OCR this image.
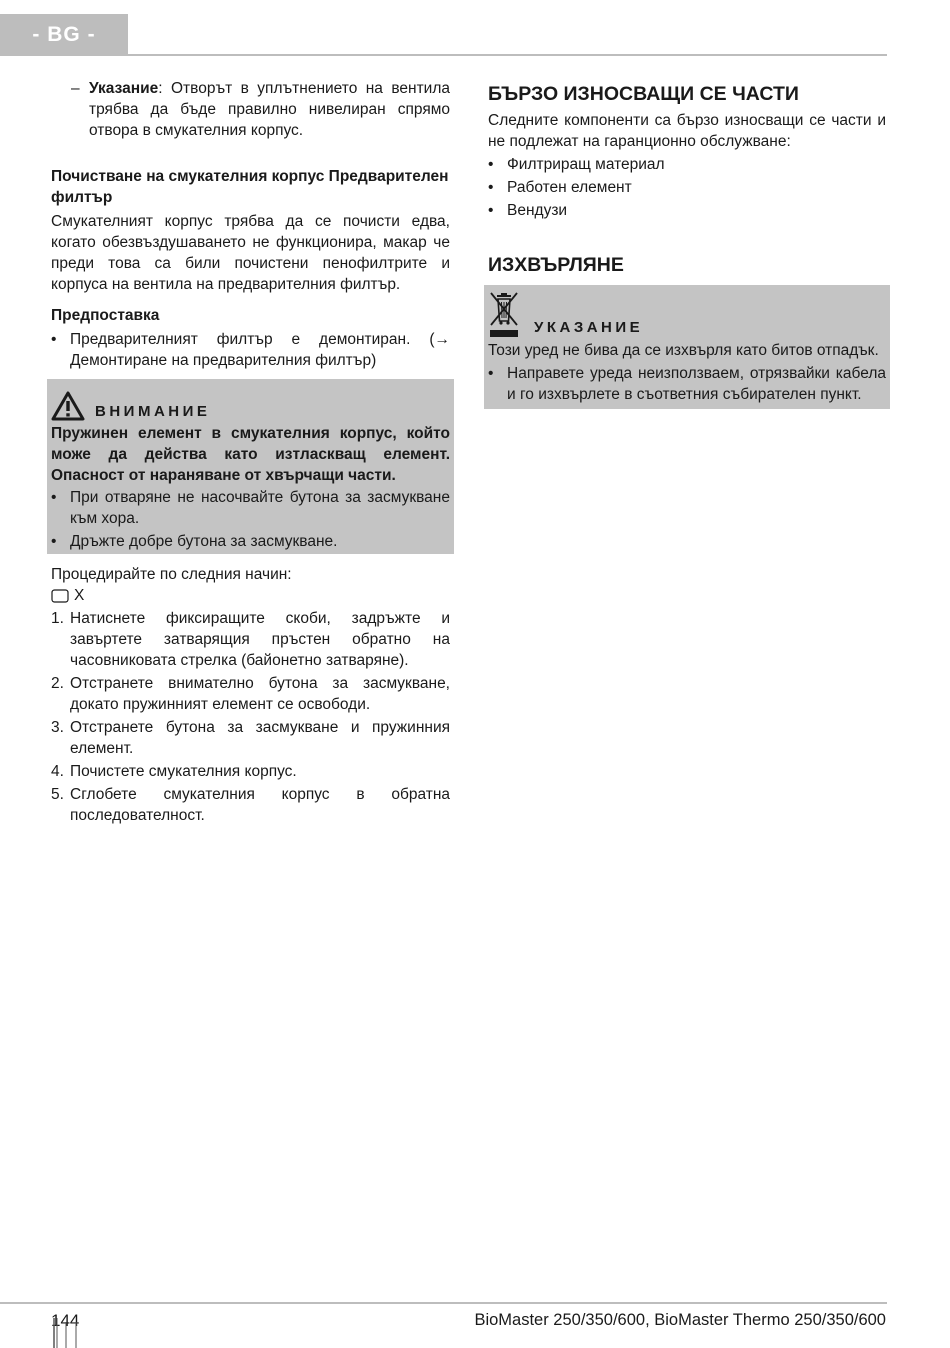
- BG -
– Указание: Отворът в уплътнението на вентила трябва да бъде правилно нивелиран спрямо отвора в смукателния корпус.

Почистване на смукателния корпус Предварителен филтър

Смукателният корпус трябва да се почисти едва, когато обезвъздушаването не функционира, макар че преди това са били почистени пенофилтрите и корпуса на вентила на предварителния филтър.

Предпоставка

• Предварителният филтър е демонтиран. (→ Демонтиране на предварителния филтър)
ВНИМАНИЕ

Пружинен елемент в смукателния корпус, който може да действа като изтласкващ елемент. Опасност от нараняване от хвърчащи части.

• При отваряне не насочвайте бутона за засмукване към хора.
• Дръжте добре бутона за засмукване.

Процедирайте по следния начин:

X
1. Натиснете фиксиращите скоби, задръжте и завъртете затварящия пръстен обратно на часовниковата стрелка (байонетно затваряне).
2. Отстранете внимателно бутона за засмукване, докато пружинният елемент се освободи.
3. Отстранете бутона за засмукване и пружинния елемент.
4. Почистете смукателния корпус.
5. Сглобете смукателния корпус в обратна последователност.
БЪРЗО ИЗНОСВАЩИ СЕ ЧАСТИ

Следните компоненти са бързо износващи се части и не подлежат на гаранционно обслужване:

• Филтриращ материал
• Работен елемент
• Вендузи
ИЗХВЪРЛЯНЕ
УКАЗАНИЕ

Този уред не бива да се изхвърля като битов отпадък.

• Направете уреда неизползваем, отрязвайки кабела и го изхвърлете в съответния събирателен пункт.
144	BioMaster 250/350/600, BioMaster Thermo 250/350/600
